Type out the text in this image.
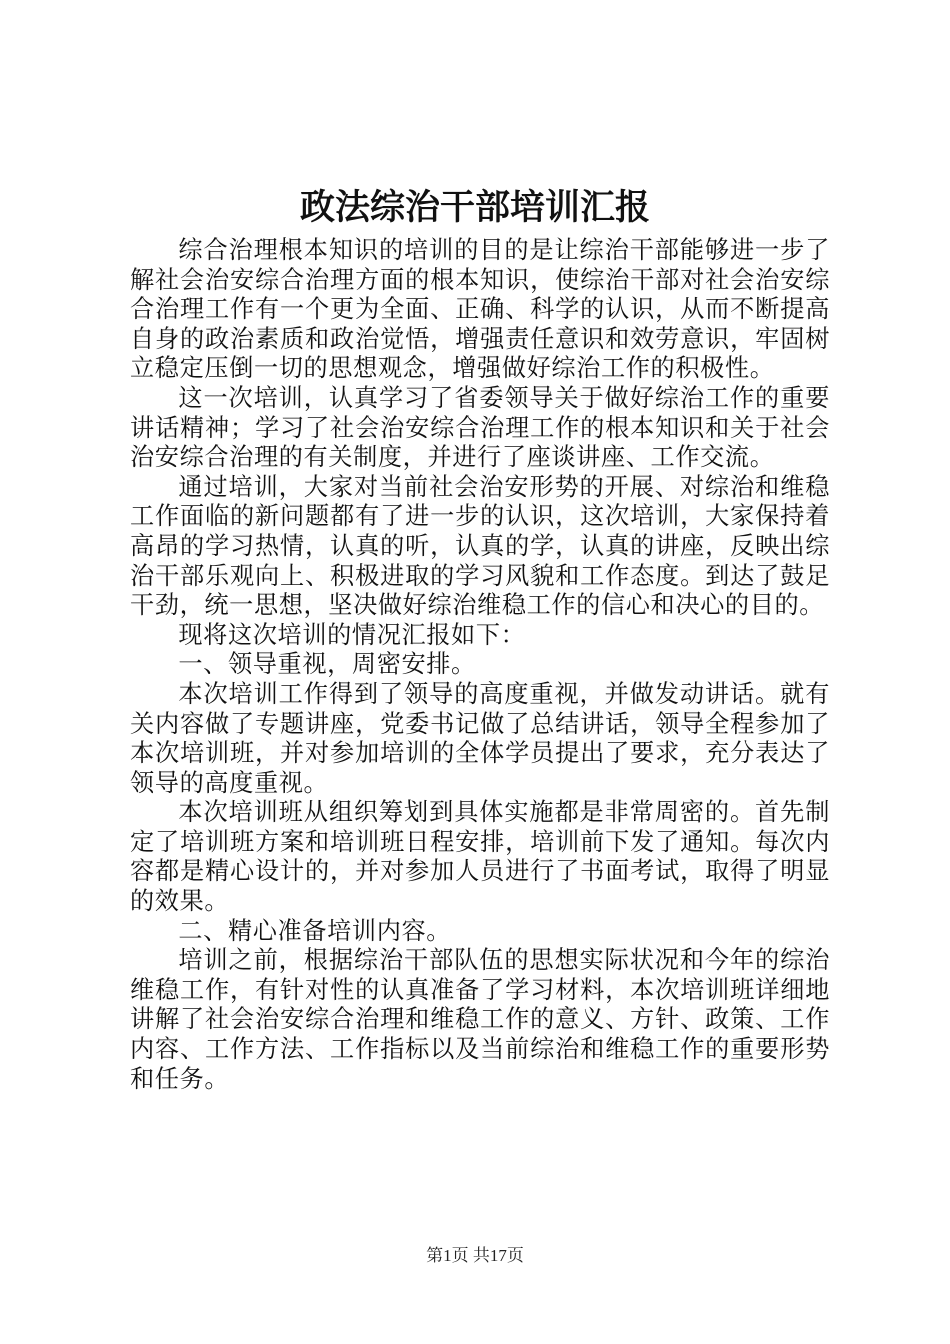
政法综治干部培训汇报

综合治理根本知识的培训的目的是让综治干部能够进一步了解社会治安综合治理方面的根本知识，使综治干部对社会治安综合治理工作有一个更为全面、正确、科学的认识，从而不断提高自身的政治素质和政治觉悟，增强责任意识和效劳意识，牢固树立稳定压倒一切的思想观念，增强做好综治工作的积极性。

这一次培训，认真学习了省委领导关于做好综治工作的重要讲话精神；学习了社会治安综合治理工作的根本知识和关于社会治安综合治理的有关制度，并进行了座谈讲座、工作交流。

通过培训，大家对当前社会治安形势的开展、对综治和维稳工作面临的新问题都有了进一步的认识，这次培训，大家保持着高昂的学习热情，认真的听，认真的学，认真的讲座，反映出综治干部乐观向上、积极进取的学习风貌和工作态度。到达了鼓足干劲，统一思想，坚决做好综治维稳工作的信心和决心的目的。

现将这次培训的情况汇报如下：

一、领导重视，周密安排。

本次培训工作得到了领导的高度重视，并做发动讲话。就有关内容做了专题讲座，党委书记做了总结讲话，领导全程参加了本次培训班，并对参加培训的全体学员提出了要求，充分表达了领导的高度重视。

本次培训班从组织筹划到具体实施都是非常周密的。首先制定了培训班方案和培训班日程安排，培训前下发了通知。每次内容都是精心设计的，并对参加人员进行了书面考试，取得了明显的效果。

二、精心准备培训内容。

培训之前，根据综治干部队伍的思想实际状况和今年的综治维稳工作，有针对性的认真准备了学习材料，本次培训班详细地讲解了社会治安综合治理和维稳工作的意义、方针、政策、工作内容、工作方法、工作指标以及当前综治和维稳工作的重要形势和任务。

第1页 共17页
